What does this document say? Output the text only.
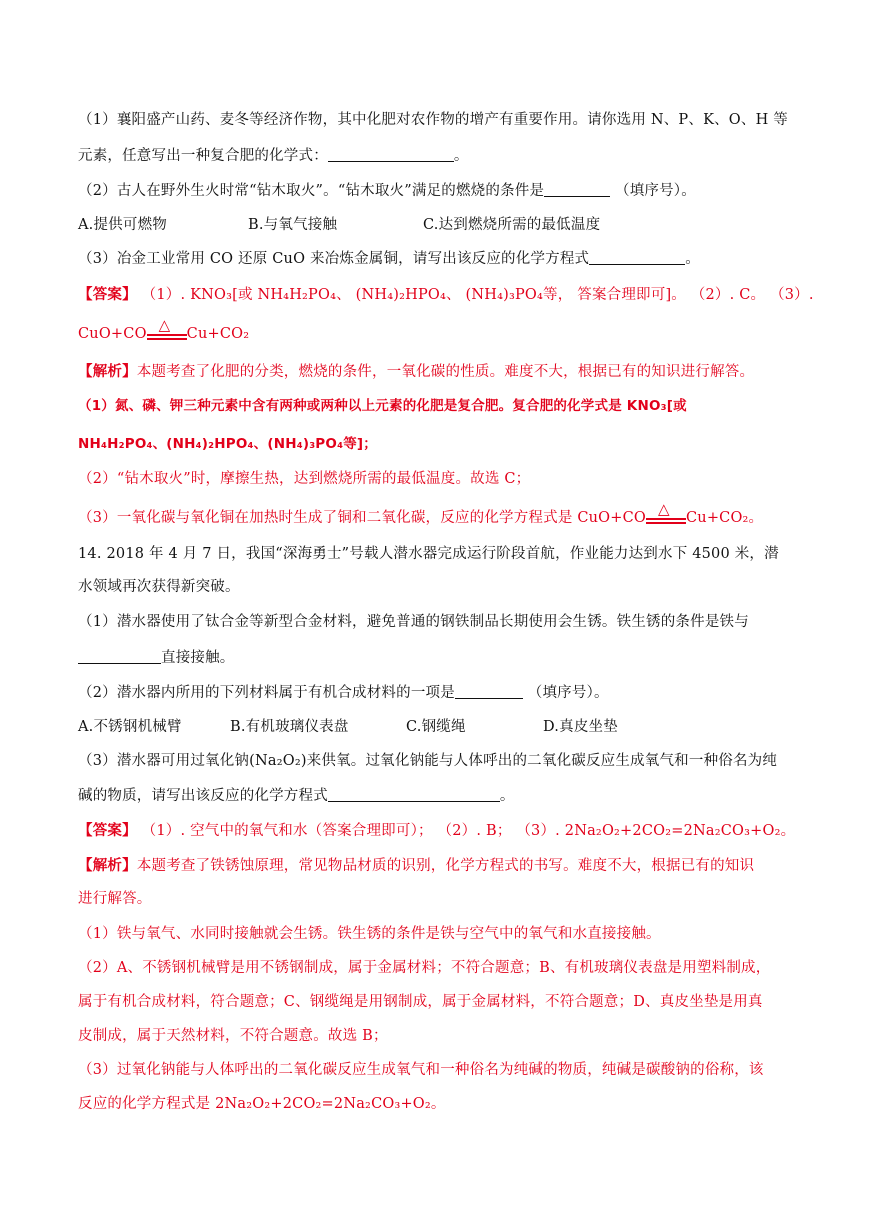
（1）襄阳盛产山药、麦冬等经济作物，其中化肥对农作物的增产有重要作用。请你选用 N、P、K、O、H 等
元素，任意写出一种复合肥的化学式：	。
（2）古人在野外生火时常“钻木取火”。“钻木取火”满足的燃烧的条件是	（填序号）。
A.提供可燃物	B.与氧气接触	C.达到燃烧所需的最低温度
（3）冶金工业常用 CO 还原 CuO 来冶炼金属铜，请写出该反应的化学方程式	。
【答案】 （1）. KNO₃[或 NH₄H₂PO₄、 (NH₄)₂HPO₄、 (NH₄)₃PO₄等， 答案合理即可]。 （2）. C。 （3）.
CuO+CO △ Cu+CO₂
【解析】本题考查了化肥的分类，燃烧的条件，一氧化碳的性质。难度不大，根据已有的知识进行解答。
（1）氮、磷、钾三种元素中含有两种或两种以上元素的化肥是复合肥。复合肥的化学式是 KNO₃[或
NH₄H₂PO₄、(NH₄)₂HPO₄、(NH₄)₃PO₄等]；
（2）“钻木取火”时，摩擦生热，达到燃烧所需的最低温度。故选 C；
（3）一氧化碳与氧化铜在加热时生成了铜和二氧化碳，反应的化学方程式是 CuO+CO △ Cu+CO₂。
14. 2018 年 4 月 7 日，我国“深海勇士”号载人潜水器完成运行阶段首航，作业能力达到水下 4500 米，潜
水领域再次获得新突破。
（1）潜水器使用了钛合金等新型合金材料，避免普通的钢铁制品长期使用会生锈。铁生锈的条件是铁与
直接接触。
（2）潜水器内所用的下列材料属于有机合成材料的一项是	（填序号）。
A.不锈钢机械臂	B.有机玻璃仪表盘	C.钢缆绳	D.真皮坐垫
（3）潜水器可用过氧化钠(Na₂O₂)来供氧。过氧化钠能与人体呼出的二氧化碳反应生成氧气和一种俗名为纯
碱的物质，请写出该反应的化学方程式	。
【答案】 （1）. 空气中的氧气和水（答案合理即可）； （2）. B； （3）. 2Na₂O₂+2CO₂=2Na₂CO₃+O₂。
【解析】本题考查了铁锈蚀原理，常见物品材质的识别，化学方程式的书写。难度不大，根据已有的知识
进行解答。
（1）铁与氧气、水同时接触就会生锈。铁生锈的条件是铁与空气中的氧气和水直接接触。
（2）A、不锈钢机械臂是用不锈钢制成，属于金属材料；不符合题意；B、有机玻璃仪表盘是用塑料制成，
属于有机合成材料，符合题意；C、钢缆绳是用钢制成，属于金属材料，不符合题意；D、真皮坐垫是用真
皮制成，属于天然材料，不符合题意。故选 B；
（3）过氧化钠能与人体呼出的二氧化碳反应生成氧气和一种俗名为纯碱的物质，纯碱是碳酸钠的俗称，该
反应的化学方程式是 2Na₂O₂+2CO₂=2Na₂CO₃+O₂。
